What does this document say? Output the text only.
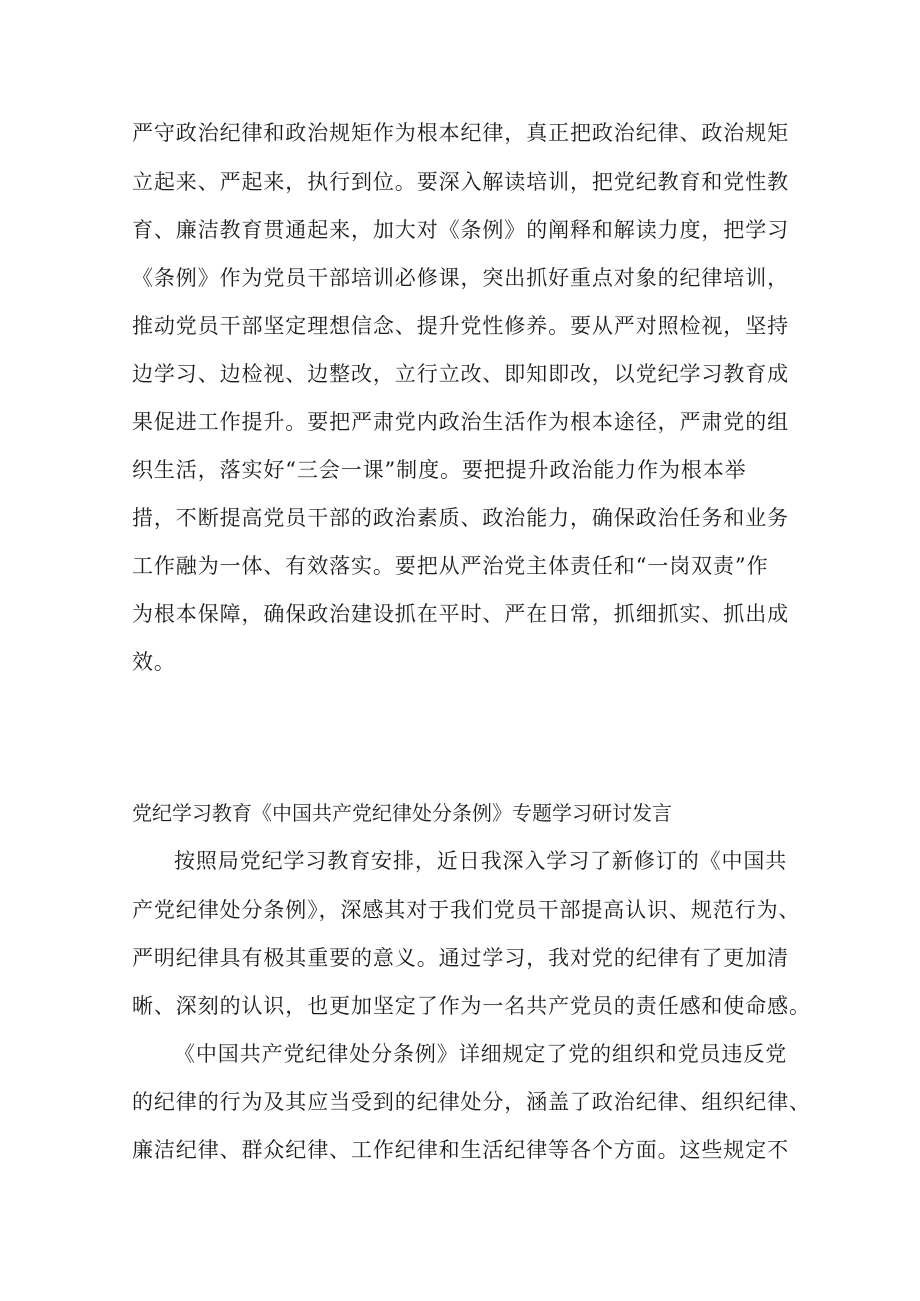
严守政治纪律和政治规矩作为根本纪律，真正把政治纪律、政治规矩
立起来、严起来，执行到位。要深入解读培训，把党纪教育和党性教
育、廉洁教育贯通起来，加大对《条例》的阐释和解读力度，把学习
《条例》作为党员干部培训必修课，突出抓好重点对象的纪律培训，
推动党员干部坚定理想信念、提升党性修养。要从严对照检视，坚持
边学习、边检视、边整改，立行立改、即知即改，以党纪学习教育成
果促进工作提升。要把严肃党内政治生活作为根本途径，严肃党的组
织生活，落实好“三会一课”制度。要把提升政治能力作为根本举
措，不断提高党员干部的政治素质、政治能力，确保政治任务和业务
工作融为一体、有效落实。要把从严治党主体责任和“一岗双责”作
为根本保障，确保政治建设抓在平时、严在日常，抓细抓实、抓出成
效。
党纪学习教育《中国共产党纪律处分条例》专题学习研讨发言
按照局党纪学习教育安排，近日我深入学习了新修订的《中国共
产党纪律处分条例》，深感其对于我们党员干部提高认识、规范行为、
严明纪律具有极其重要的意义。通过学习，我对党的纪律有了更加清
晰、深刻的认识，也更加坚定了作为一名共产党员的责任感和使命感。
《中国共产党纪律处分条例》详细规定了党的组织和党员违反党
的纪律的行为及其应当受到的纪律处分，涵盖了政治纪律、组织纪律、
廉洁纪律、群众纪律、工作纪律和生活纪律等各个方面。这些规定不
